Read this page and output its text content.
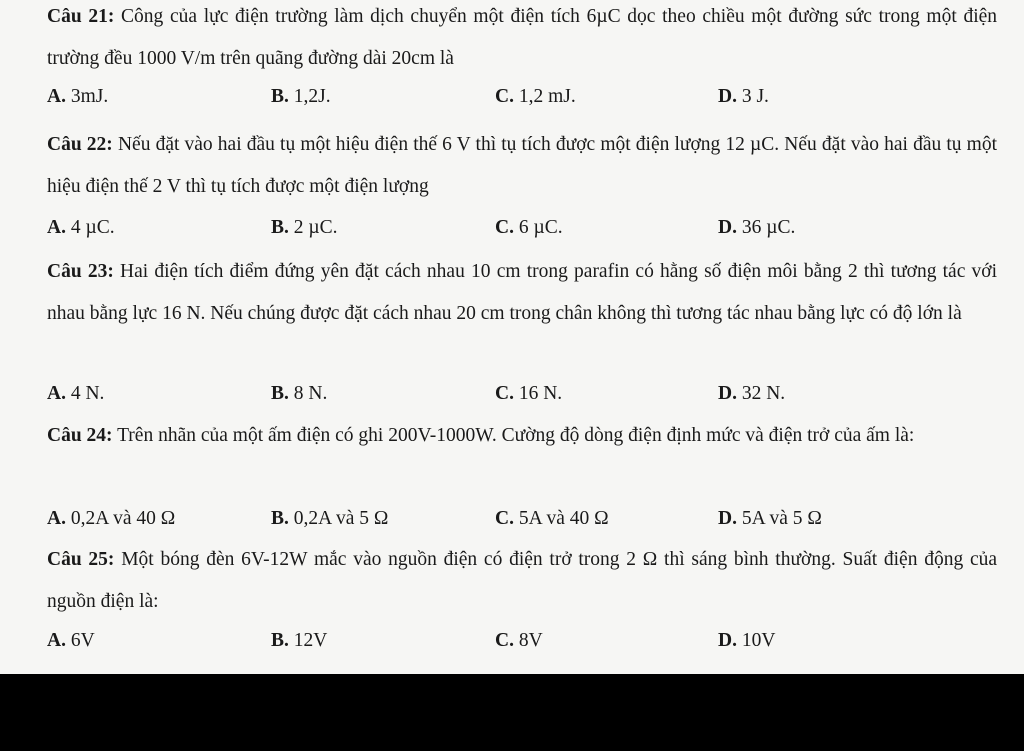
Câu 21: Công của lực điện trường làm dịch chuyển một điện tích 6µC dọc theo chiều một đường sức trong một điện trường đều 1000 V/m trên quãng đường dài 20cm là
A. 3mJ.	B. 1,2J.	C. 1,2 mJ.	D. 3 J.
Câu 22: Nếu đặt vào hai đầu tụ một hiệu điện thế 6 V thì tụ tích được một điện lượng 12 µC. Nếu đặt vào hai đầu tụ một hiệu điện thế 2 V thì tụ tích được một điện lượng
A. 4 µC.	B. 2 µC.	C. 6 µC.	D. 36 µC.
Câu 23: Hai điện tích điểm đứng yên đặt cách nhau 10 cm trong parafin có hằng số điện môi bằng 2 thì tương tác với nhau bằng lực 16 N. Nếu chúng được đặt cách nhau 20 cm trong chân không thì tương tác nhau bằng lực có độ lớn là
A. 4 N.	B. 8 N.	C. 16 N.	D. 32 N.
Câu 24: Trên nhãn của một ấm điện có ghi 200V-1000W. Cường độ dòng điện định mức và điện trở của ấm là:
A. 0,2A và 40 Ω	B. 0,2A và 5 Ω	C. 5A và 40 Ω	D. 5A và 5 Ω
Câu 25: Một bóng đèn 6V-12W mắc vào nguồn điện có điện trở trong 2 Ω thì sáng bình thường. Suất điện động của nguồn điện là:
A. 6V	B. 12V	C. 8V	D. 10V
